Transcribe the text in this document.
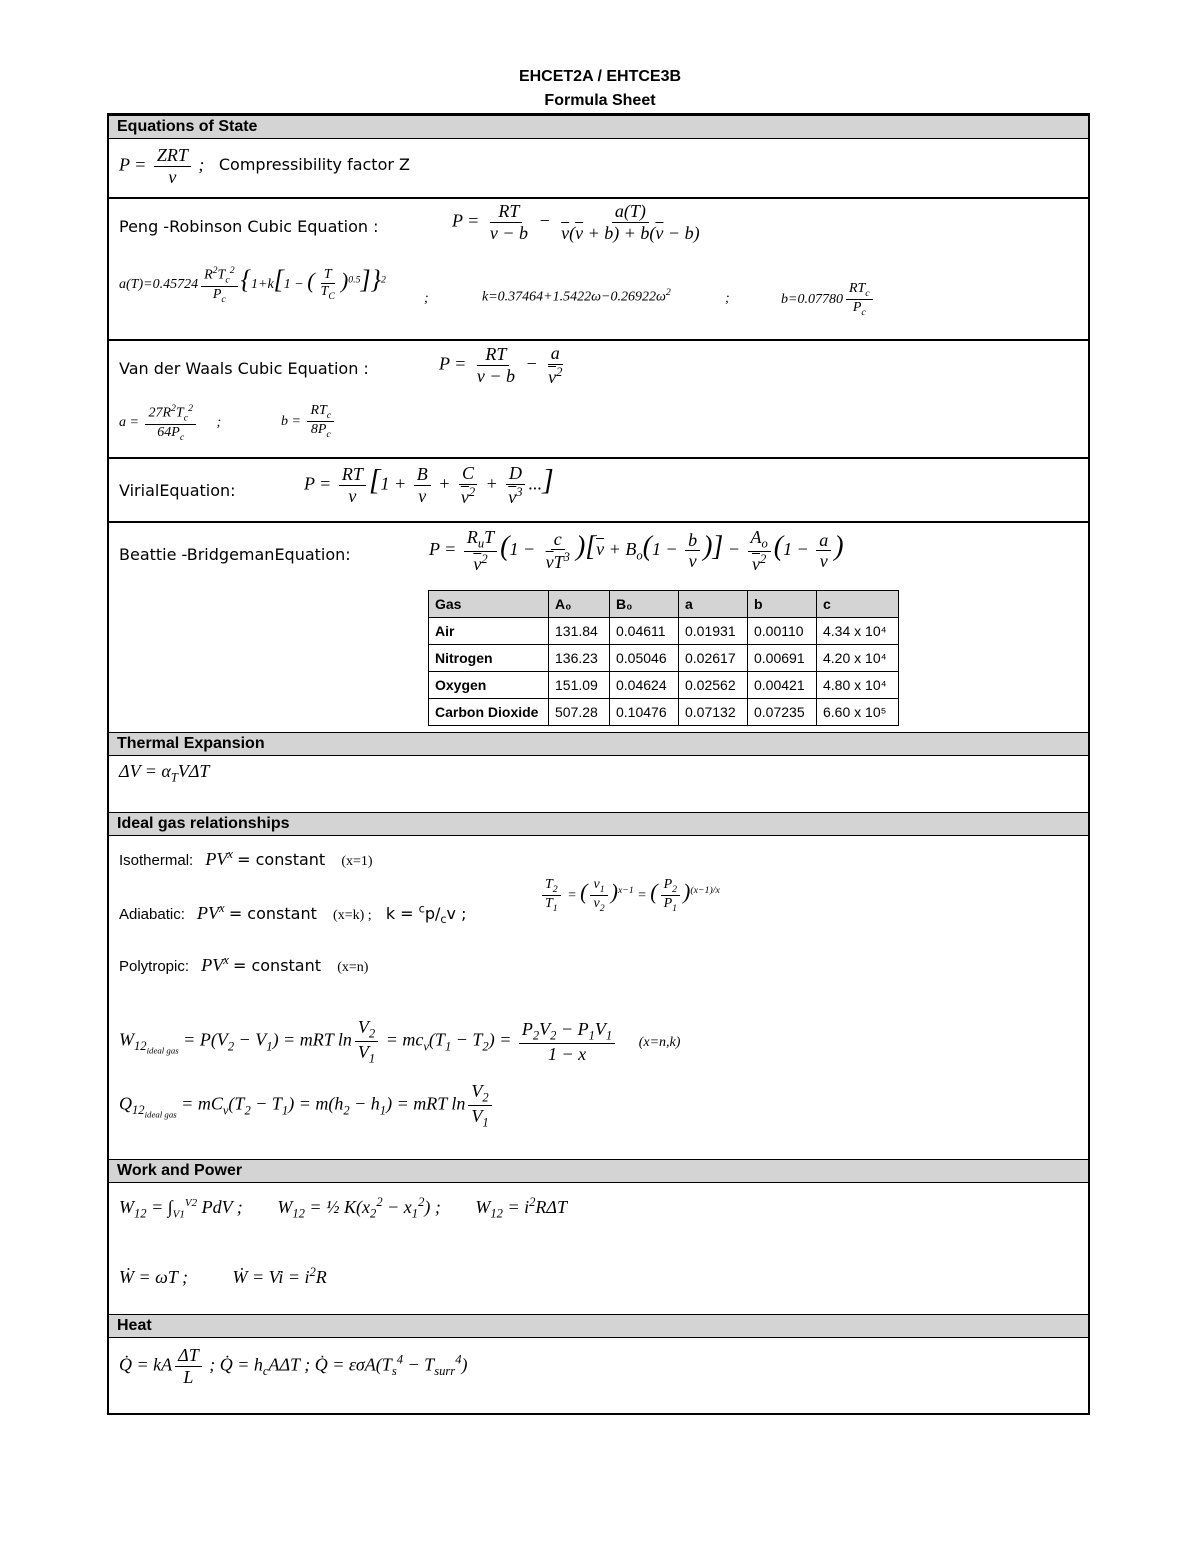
EHCET2A / EHTCE3B
Formula Sheet
Equations of State
$P = \frac{\text{ZRT}}{v}$ ; Compressibility factor Z
Peng -Robinson Cubic Equation :	$P = \frac{RT}{\overline{v} - b} - \frac{a(T)}{\overline{v}(\overline{v} + b) + b(\overline{v} - b)}$
$a(T)=0.45724 \frac{R^2T_c^2}{P_c} \{1+k[1$ − ( $\frac{T}{T_C} )^{0.5}]\}^2$
;	$k=0.37464+1.5422\omega-0.26922\omega^2$	;	$b=0.07780 \frac{RT_c}{P_c}$
Van der Waals Cubic Equation :	$P = \frac{RT}{\overline{v} - b} - \frac{a}{\overline{v}^2}$
$a = \frac{27R^2T_c^2}{64P_c}$ ;	$b = \frac{RT_c}{8P_c}$
VirialEquation:	$P = \frac{RT}{v} [1 + \frac{B}{v} + \frac{C}{\overline{v}^2} + \frac{D}{\overline{v}^3}$ ...]
Beattie -BridgemanEquation:	$P = \frac{R_uT}{\overline{v}^2} (1 - \frac{c}{\overline{v}T^3} )[\overline{v} + B_o(1 - \frac{b}{v}$ )] − $\frac{A_o}{\overline{v}^2} (1 - \frac{a}{v}$ )
Gas	A₀	B₀	a	b	c
Air	131.84	0.04611	0.01931	0.00110	4.34 x 10⁴
Nitrogen	136.23	0.05046	0.02617	0.00691	4.20 x 10⁴
Oxygen	151.09	0.04624	0.02562	0.00421	4.80 x 10⁴
Carbon Dioxide	507.28	0.10476	0.07132	0.07235	6.60 x 10⁵
Thermal Expansion
$\Delta V = \alpha_TV\Delta T$
Ideal gas relationships
Isothermal: $PV^x$ = constant (x=1)
Adiabatic: $PV^x$ = constant (x=k) ; $k = ^cp/_cv$ ;	$\frac{T_2}{T_1}$ = ( $\frac{v_1}{v_2} )^{x-1}$ = ( $\frac{P_2}{P_1} )^{(x-1)/x}$
Polytropic: $PV^x$ = constant (x=n)
$W_{12_{ideal gas}} = P(V_2 - V_1)$ = mRT $\ln \frac{V_2}{V_1} = mc_v(T_1 - T_2) = \frac{P_2V_2 - P_1V_1}{1 - x} (x=n,k)$
$Q_{12_{ideal gas}} = mC_v(T_2 - T_1) = m(h_2 - h_1)$ = mRT $\ln \frac{V_2}{V_1}$
Work and Power
$W_{12} = \int_{V1}^{V2}$ PdV ; $W_{12}$ = ½ $K(x_2^2 - x_1^2)$ ; $W_{12} = i^2R\Delta T$
Ẇ = ωT ; Ẇ = $Vi = i^2R$
Heat
Q̇ = kA $\frac{\Delta T}{L}$ ; Q̇ = $h_cA\Delta T$ ; Q̇ = $\varepsilon\sigma A(T_s^4 - T_{surr}^4)$
